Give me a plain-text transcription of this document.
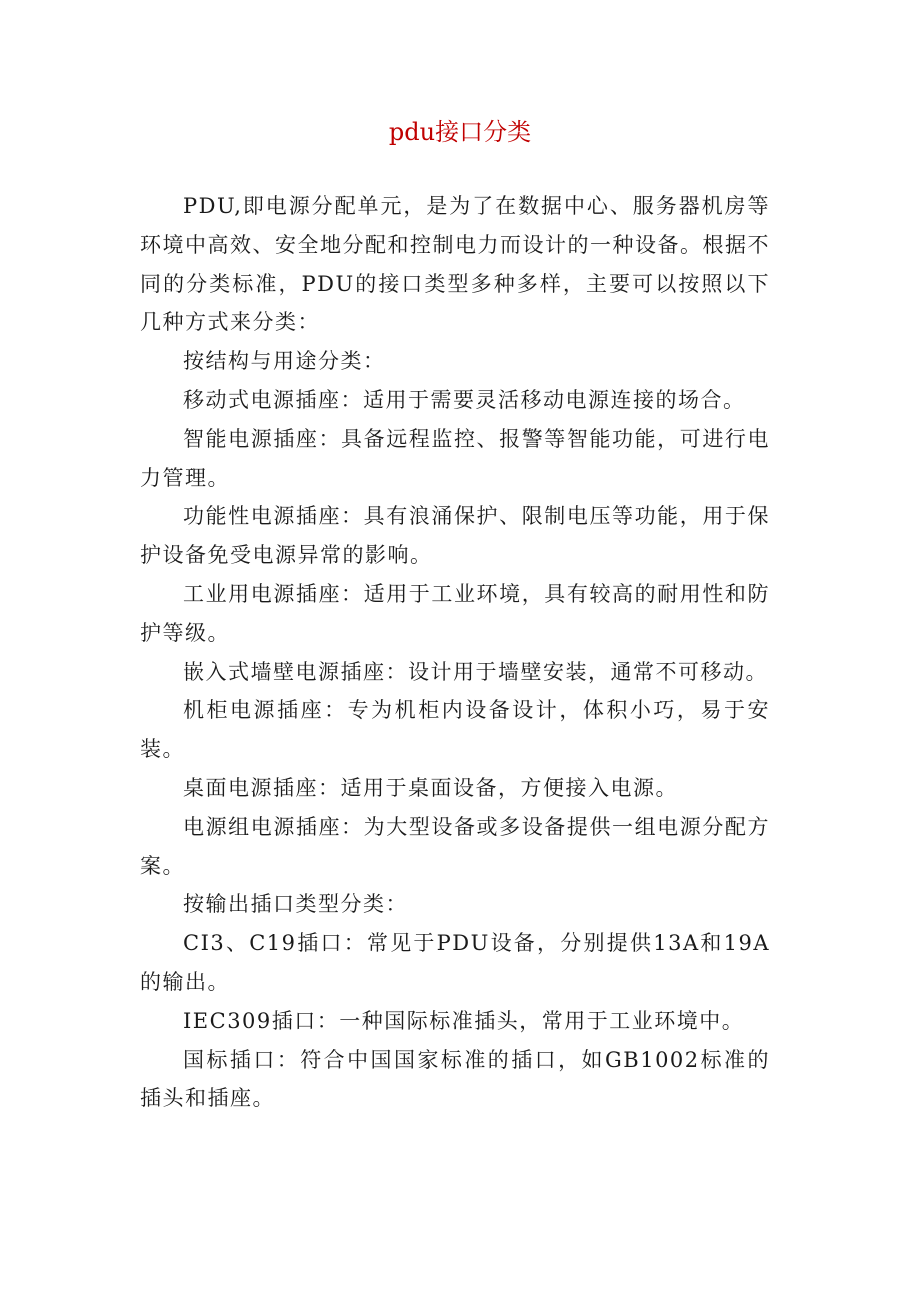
pdu接口分类

PDU,即电源分配单元，是为了在数据中心、服务器机房等环境中高效、安全地分配和控制电力而设计的一种设备。根据不同的分类标准，PDU的接口类型多种多样，主要可以按照以下几种方式来分类：

按结构与用途分类：

移动式电源插座：适用于需要灵活移动电源连接的场合。

智能电源插座：具备远程监控、报警等智能功能，可进行电力管理。

功能性电源插座：具有浪涌保护、限制电压等功能，用于保护设备免受电源异常的影响。

工业用电源插座：适用于工业环境，具有较高的耐用性和防护等级。

嵌入式墙壁电源插座：设计用于墙壁安装，通常不可移动。

机柜电源插座：专为机柜内设备设计，体积小巧，易于安装。

桌面电源插座：适用于桌面设备，方便接入电源。

电源组电源插座：为大型设备或多设备提供一组电源分配方案。

按输出插口类型分类：

CI3、C19插口：常见于PDU设备，分别提供13A和19A的输出。

IEC309插口：一种国际标准插头，常用于工业环境中。

国标插口：符合中国国家标准的插口，如GB1002标准的插头和插座。
